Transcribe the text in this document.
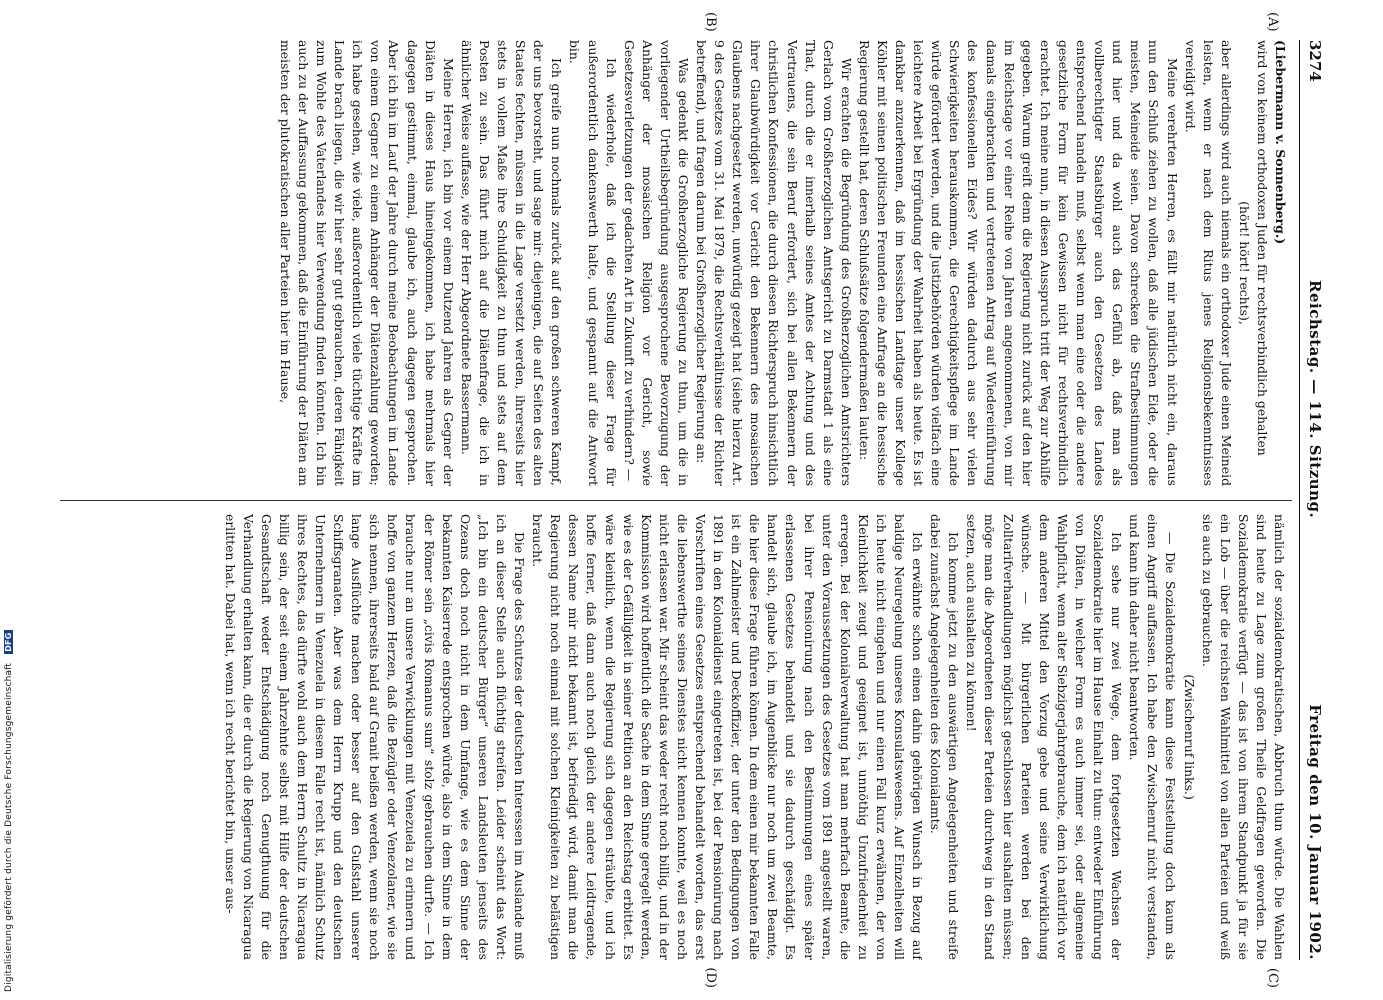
3274
Reichstag. — 114. Sitzung.
Freitag den 10. Januar 1902.
(A)
(B)
(C)
(D)

(Liebermann v. Sonnenberg.)

wird von keinem orthodoxen Juden für rechtsverbindlich gehalten

(hört! hört! rechts),

aber allerdings wird auch niemals ein orthodoxer Jude einen Meineid leisten, wenn er nach dem Ritus jenes Religionsbekenntnisses vereidigt wird.

Meine verehrten Herren, es fällt mir natürlich nicht ein, daraus nun den Schluß ziehen zu wollen, daß alle jüdischen Eide, oder die meisten, Meineide seien. Davon schrecken die Strafbestimmungen und hier und da wohl auch das Gefühl ab, daß man als vollberechtigter Staatsbürger auch den Gesetzen des Landes entsprechend handeln muß, selbst wenn man eine oder die andere gesetzliche Form für kein Gewissen nicht für rechtsverbindlich erachtet. Ich meine nun, in diesen Ausspruch tritt der Weg zur Abhilfe gegeben. Warum greift denn die Regierung nicht zurück auf den hier im Reichstage vor einer Reihe von Jahren angenommenen, von mir damals eingebrachten und vertretenen Antrag auf Wiedereinführung des konfessionellen Eides? Wir würden dadurch aus sehr vielen Schwierigkeiten herauskommen, die Gerechtigkeitspflege im Lande würde gefördert werden, und die Justizbehörden würden vielfach eine leichtere Arbeit bei Ergründung der Wahrheit haben als heute. Es ist dankbar anzuerkennen, daß im hessischen Landtage unser Kollege Köhler mit seinen politischen Freunden eine Anfrage an die hessische Regierung gestellt hat, deren Schlußsätze folgendermaßen lauten:

Wir erachten die Begründung des Großherzoglichen Amtsrichters Gerlach vom Großherzoglichen Amtsgericht zu Darmstadt 1 als eine That, durch die er innerhalb seines Amtes der Achtung und des Vertrauens, die sein Beruf erfordert, sich bei allen Bekennern der christlichen Konfessionen, die durch diesen Richterspruch hinsichtlich ihrer Glaubwürdigkeit vor Gericht den Bekennern des mosaischen Glaubens nachgesetzt werden, unwürdig gezeigt hat (siehe hierzu Art. 9 des Gesetzes vom 31. Mai 1879, die Rechtsverhältnisse der Richter betreffend), und fragen darum bei Großherzoglicher Regierung an:

Was gedenkt die Großherzogliche Regierung zu thun, um die in vorliegender Urtheilsbegründung ausgesprochene Bevorzugung der Anhänger der mosaischen Religion vor Gericht, sowie Gesetzesverletzungen der gedachten Art in Zukunft zu verhindern? —

Ich wiederhole, daß ich die Stellung dieser Frage für außerordentlich dankenswerth halte, und gespannt auf die Antwort bin.

Ich greife nun nochmals zurück auf den großen schweren Kampf, der uns bevorsteht, und sage mir: diejenigen, die auf Seiten des alten Staates fechten, müssen in die Lage versetzt werden, ihrerseits hier stets in vollem Maße ihre Schuldigkeit zu thun und stets auf dem Posten zu sein. Das führt mich auf die Diätenfrage, die ich in ähnlicher Weise auffasse, wie der Herr Abgeordnete Bassermann.

Meine Herren, ich bin vor einem Dutzend Jahren als Gegner der Diäten in dieses Haus hineingekommen, ich habe mehrmals hier dagegen gestimmt, einmal, glaube ich, auch dagegen gesprochen. Aber ich bin im Lauf der Jahre durch meine Beobachtungen im Lande von einem Gegner zu einem Anhänger der Diätenzahlung geworden; ich habe gesehen, wie viele, außerordentlich viele tüchtige Kräfte im Lande brach liegen, die wir hier sehr gut gebrauchen, deren Fähigkeit zum Wohle des Vaterlandes hier Verwendung finden könnten. Ich bin auch zu der Auffassung gekommen, daß die Einführung der Diäten am meisten der plutokratischen aller Parteien hier im Hause,

nämlich der sozialdemokratischen, Abbruch thun würde. Die Wahlen sind heute zu Lage zum großen Theile Geldfragen geworden. Die Sozialdemokratie verfügt — das ist von ihrem Standpunkt ja für sie ein Lob — über die reichsten Wahlmittel von allen Parteien und weiß sie auch zu gebrauchen.

(Zwischenruf links.)

— Die Sozialdemokratie kann diese Feststellung doch kaum als einen Angriff auffassen. Ich habe den Zwischenruf nicht verstanden, und kann ihn daher nicht beantworten.

Ich sehe nur zwei Wege, dem fortgesetzten Wachsen der Sozialdemokratie hier im Hause Einhalt zu thun: entweder Einführung von Diäten, in welcher Form es auch immer sei, oder allgemeine Wahlpflicht, wenn alter Siebzigerjahrgebrauche, dem ich natürlich vor dem anderen Mittel den Vorzug gebe und seine Verwirklichung wünsche. — Mit bürgerlichen Parteien werden bei den Zolltarifverhandlungen möglichst geschlossen hier aushalten müssen; möge man die Abgeordneten dieser Parteien durchweg in den Stand setzen, auch aushalten zu können!

Ich komme jetzt zu den auswärtigen Angelegenheiten und streife dabei zunächst Angelegenheiten des Kolonialamts.

Ich erwähnte schon einen dahin gehörigen Wunsch in Bezug auf baldige Neuregelung unseres Konsulatswesens. Auf Einzelheiten will ich heute nicht eingehen und nur einen Fall kurz erwähnen, der von Kleinlichkeit zeugt und geeignet ist, unnöthig Unzufriedenheit zu erregen. Bei der Kolonialverwaltung hat man mehrfach Beamte, die unter den Voraussetzungen des Gesetzes vom 1891 angestellt waren, bei ihrer Pensionirung nach den Bestimmungen eines später erlassenen Gesetzes behandelt und sie dadurch geschädigt. Es handelt sich, glaube ich, im Augenblicke nur noch um zwei Beamte, die hier diese Frage führen können. In dem einen mir bekannten Falle ist ein Zahlmeister und Deckoffizier, der unter den Bedingungen von 1891 in den Kolonialdienst eingetreten ist, bei der Pensionirung nach Vorschriften eines Gesetzes entsprechend behandelt worden, das erst die liebenswerthe seines Dienstes nicht kennen konnte, weil es noch nicht erlassen war. Mir scheint das weder recht noch billig, und in der Kommission wird hoffentlich die Sache in dem Sinne geregelt werden, wie es der Gefälligkeit in seiner Petition an den Reichstag erbittet. Es wäre kleinlich, wenn die Regierung sich dagegen sträubte, und ich hoffe ferner, daß dann auch noch gleich der andere Leidtragende, dessen Name mir nicht bekannt ist, befriedigt wird, damit man die Regierung nicht noch einmal mit solchen Kleinigkeiten zu belästigen braucht.

Die Frage des Schutzes der deutschen Interessen im Auslande muß ich an dieser Stelle auch flüchtig streifen. Leider scheint das Wort: „Ich bin ein deutscher Bürger“ unseren Landsleuten jenseits des Ozeans doch noch nicht in dem Umfange, wie es dem Sinne der bekannten Kaiserrede entsprochen würde, also in dem Sinne in dem der Römer sein „civis Romanus sum“ stolz gebrauchen durfte. — Ich brauche nur an unsere Verwicklungen mit Venezuela zu erinnern und hoffe von ganzem Herzen, daß die Bezügler oder Venezolaner, wie sie sich nennen, ihrerseits bald auf Granit beißen werden, wenn sie noch lange Ausflüchte machen oder besser auf den Gußstahl unserer Schiffsgranaten. Aber was dem Herrn Krupp und den deutschen Unternehmern in Venezuela in diesem Falle recht ist, nämlich Schutz ihres Rechtes, das dürfte wohl auch dem Herrn Schultz in Nicaragua billig sein, der seit einem Jahrzehnte selbst mit Hilfe der deutschen Gesandtschaft weder Entschädigung noch Genugthuung für die Verhandlung erhalten kann, die er durch die Regierung von Nicaragua erlitten hat. Dabei hat, wenn ich recht berichtet bin, unser aus-

Digitalisierung gefördert durch die Deutsche Forschungsgemeinschaft DFG
